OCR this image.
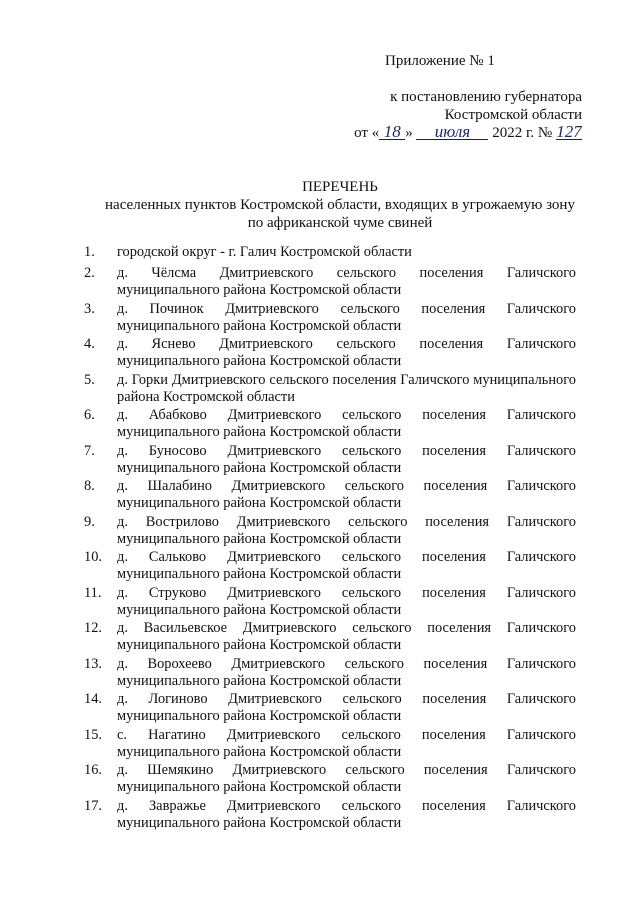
Приложение № 1
к постановлению губернатора
Костромской области
от « 18 » июля 2022 г. № 127
ПЕРЕЧЕНЬ
населенных пунктов Костромской области, входящих в угрожаемую зону
по африканской чуме свиней
1.	городской округ - г. Галич Костромской области
2.	д. Чёлсма Дмитриевского сельского поселения Галичского муниципального района Костромской области
3.	д. Починок Дмитриевского сельского поселения Галичского муниципального района Костромской области
4.	д. Яснево Дмитриевского сельского поселения Галичского муниципального района Костромской области
5.	д. Горки Дмитриевского сельского поселения Галичского муниципального района Костромской области
6.	д. Абабково Дмитриевского сельского поселения Галичского муниципального района Костромской области
7.	д. Буносово Дмитриевского сельского поселения Галичского муниципального района Костромской области
8.	д. Шалабино Дмитриевского сельского поселения Галичского муниципального района Костромской области
9.	д. Вострилово Дмитриевского сельского поселения Галичского муниципального района Костромской области
10.	д. Сальково Дмитриевского сельского поселения Галичского муниципального района Костромской области
11.	д. Струково Дмитриевского сельского поселения Галичского муниципального района Костромской области
12.	д. Васильевское Дмитриевского сельского поселения Галичского муниципального района Костромской области
13.	д. Ворохеево Дмитриевского сельского поселения Галичского муниципального района Костромской области
14.	д. Логиново Дмитриевского сельского поселения Галичского муниципального района Костромской области
15.	с. Нагатино Дмитриевского сельского поселения Галичского муниципального района Костромской области
16.	д. Шемякино Дмитриевского сельского поселения Галичского муниципального района Костромской области
17.	д. Завражье Дмитриевского сельского поселения Галичского муниципального района Костромской области
